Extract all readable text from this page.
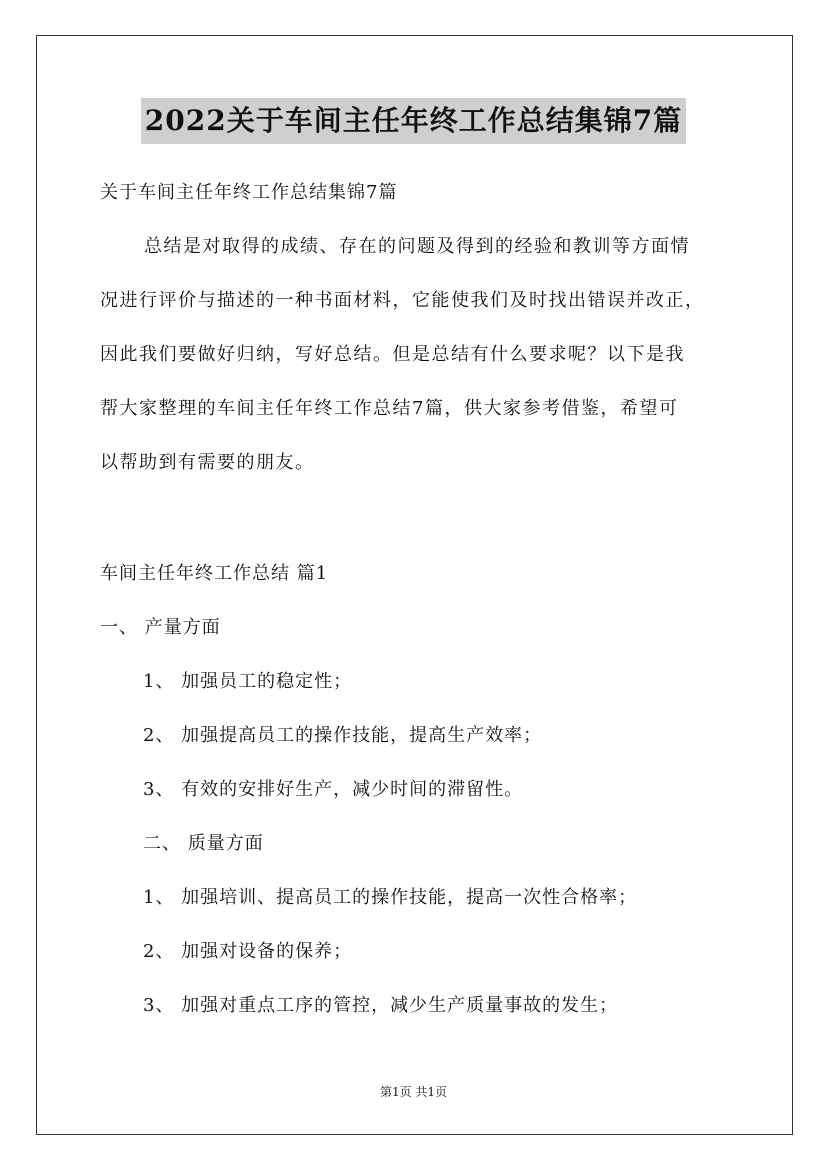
2022关于车间主任年终工作总结集锦7篇
关于车间主任年终工作总结集锦7篇
总结是对取得的成绩、存在的问题及得到的经验和教训等方面情
况进行评价与描述的一种书面材料，它能使我们及时找出错误并改正，
因此我们要做好归纳，写好总结。但是总结有什么要求呢？以下是我
帮大家整理的车间主任年终工作总结7篇，供大家参考借鉴，希望可
以帮助到有需要的朋友。
车间主任年终工作总结 篇1
一、 产量方面
1、 加强员工的稳定性；
2、 加强提高员工的操作技能，提高生产效率；
3、 有效的安排好生产，减少时间的滞留性。
二、 质量方面
1、 加强培训、提高员工的操作技能，提高一次性合格率；
2、 加强对设备的保养；
3、 加强对重点工序的管控，减少生产质量事故的发生；
第1页 共1页
